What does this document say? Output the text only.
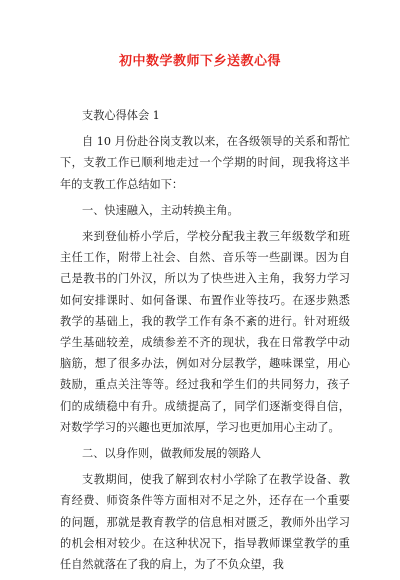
初中数学教师下乡送教心得

支教心得体会 1

自 10 月份赴谷岗支教以来，在各级领导的关系和帮忙下，支教工作已顺利地走过一个学期的时间，现我将这半年的支教工作总结如下：

一、快速融入，主动转换主角。

来到登仙桥小学后，学校分配我主教三年级数学和班主任工作，附带上社会、自然、音乐等一些副课。因为自己是教书的门外汉，所以为了快些进入主角，我努力学习如何安排课时、如何备课、布置作业等技巧。在逐步熟悉教学的基础上，我的教学工作有条不紊的进行。针对班级学生基础较差，成绩参差不齐的现状，我在日常教学中动脑筋，想了很多办法，例如对分层教学，趣味课堂，用心鼓励，重点关注等等。经过我和学生们的共同努力，孩子们的成绩稳中有升。成绩提高了，同学们逐渐变得自信，对数学学习的兴趣也更加浓厚，学习也更加用心主动了。

二、以身作则，做教师发展的领路人

支教期间，使我了解到农村小学除了在教学设备、教育经费、师资条件等方面相对不足之外，还存在一个重要的问题，那就是教育教学的信息相对匮乏，教师外出学习的机会相对较少。在这种状况下，指导教师课堂教学的重任自然就落在了我的肩上，为了不负众望，我
